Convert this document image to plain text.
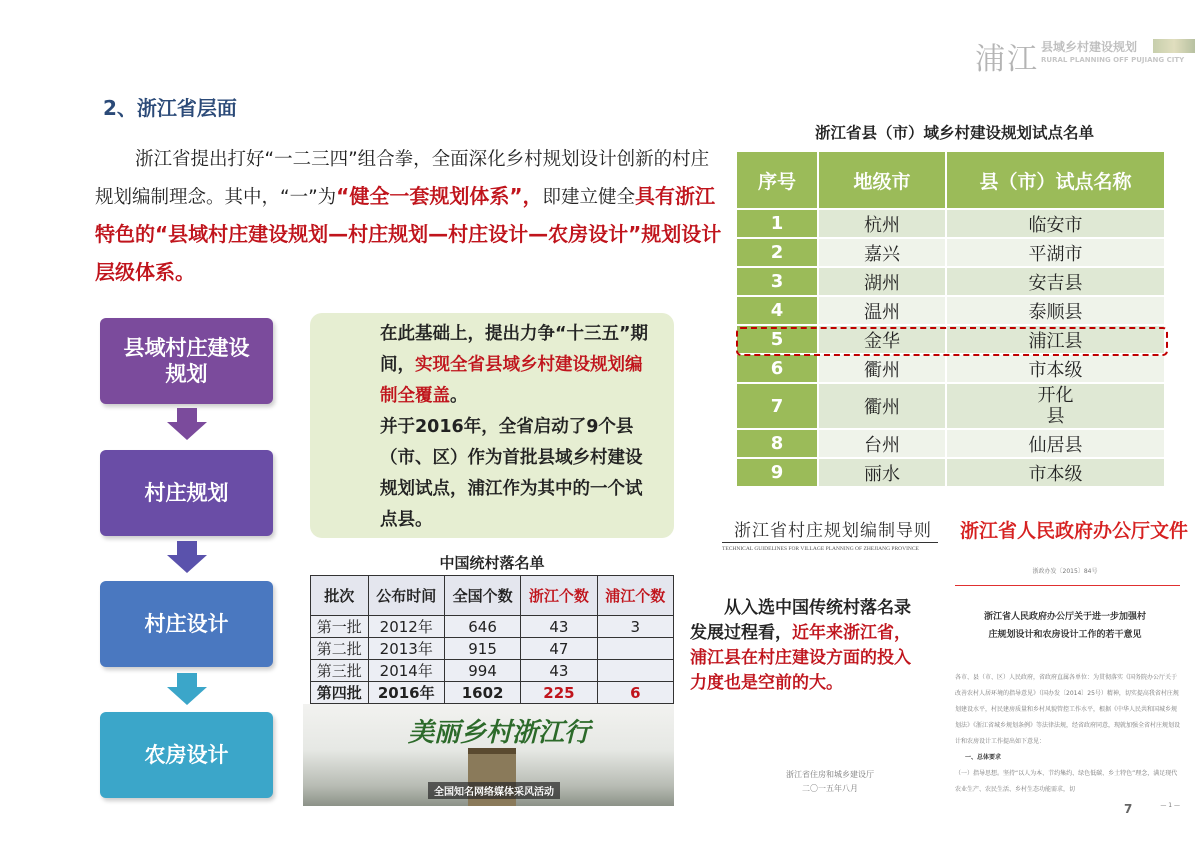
浦江 县域乡村建设规划
RURAL PLANNING OFF PUJIANG CITY
2、浙江省层面
浙江省提出打好“一二三四”组合拳，全面深化乡村规划设计创新的村庄规划编制理念。其中，“一”为“健全一套规划体系”，即建立健全具有浙江特色的“县域村庄建设规划—村庄规划—村庄设计—农房设计”规划设计层级体系。
县域村庄建设规划
村庄规划
村庄设计
农房设计
在此基础上，提出力争“十三五”期间，实现全省县域乡村建设规划编制全覆盖。
并于2016年，全省启动了9个县（市、区）作为首批县域乡村建设规划试点，浦江作为其中的一个试点县。
中国统村落名单
批次	公布时间	全国个数	浙江个数	浦江个数
第一批	2012年	646	43	3
第二批	2013年	915	47	
第三批	2014年	994	43	
第四批	2016年	1602	225	6
美丽乡村浙江行
全国知名网络媒体采风活动
浙江省县（市）域乡村建设规划试点名单
序号	地级市	县（市）试点名称
1	杭州	临安市
2	嘉兴	平湖市
3	湖州	安吉县
4	温州	泰顺县
5	金华	浦江县
6	衢州	市本级
7	衢州	开化县
8	台州	仙居县
9	丽水	市本级
浙江省村庄规划编制导则
TECHNICAL GUIDELINES FOR VILLAGE PLANNING OF ZHEJIANG PROVINCE
浙江省住房和城乡建设厅
二〇一五年八月
从入选中国传统村落名录发展过程看，近年来浙江省，浦江县在村庄建设方面的投入力度也是空前的大。
浙江省人民政府办公厅文件
浙政办发〔2015〕84号
浙江省人民政府办公厅关于进一步加强村庄规划设计和农房设计工作的若干意见
各市、县（市、区）人民政府，省政府直属各单位：为贯彻落实《国务院办公厅关于改善农村人居环境的指导意见》（国办发〔2014〕25号）精神，切实提高我省村庄规划建设水平，村民建房质量和乡村风貌管控工作水平，根据《中华人民共和国城乡规划法》《浙江省城乡规划条例》等法律法规，经省政府同意，现就加强全省村庄规划设计和农房设计工作提出如下意见：
一、总体要求
（一）指导思想。坚持“以人为本、节约集约、绿色低碳、乡土特色”理念，满足现代农业生产、农民生活、乡村生态功能需求，切
— 1 —
7
